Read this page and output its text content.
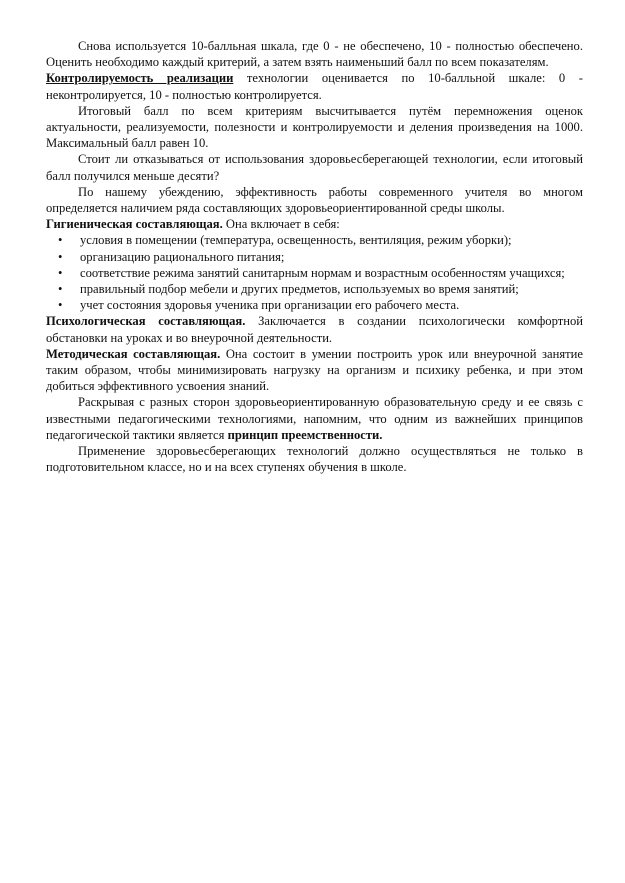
Снова используется 10-балльная шкала, где 0 - не обеспечено, 10 - полностью обеспечено. Оценить необходимо каждый критерий, а затем взять наименьший балл по всем показателям.

Контролируемость реализации технологии оценивается по 10-балльной шкале: 0 - неконтролируется, 10 - полностью контролируется.

Итоговый балл по всем критериям высчитывается путём перемножения оценок актуальности, реализуемости, полезности и контролируемости и деления произведения на 1000. Максимальный балл равен 10.

Стоит ли отказываться от использования здоровьесберегающей технологии, если итоговый балл получился меньше десяти?

По нашему убеждению, эффективность работы современного учителя во многом определяется наличием ряда составляющих здоровьеориентированной среды школы.

Гигиеническая составляющая. Она включает в себя:

• условия в помещении (температура, освещенность, вентиляция, режим уборки);
• организацию рационального питания;
• соответствие режима занятий санитарным нормам и возрастным особенностям учащихся;
• правильный подбор мебели и других предметов, используемых во время занятий;
• учет состояния здоровья ученика при организации его рабочего места.

Психологическая составляющая. Заключается в создании психологически комфортной обстановки на уроках и во внеурочной деятельности.

Методическая составляющая. Она состоит в умении построить урок или внеурочной занятие таким образом, чтобы минимизировать нагрузку на организм и психику ребенка, и при этом добиться эффективного усвоения знаний.

Раскрывая с разных сторон здоровьеориентированную образовательную среду и ее связь с известными педагогическими технологиями, напомним, что одним из важнейших принципов педагогической тактики является принцип преемственности.

Применение здоровьесберегающих технологий должно осуществляться не только в подготовительном классе, но и на всех ступенях обучения в школе.
